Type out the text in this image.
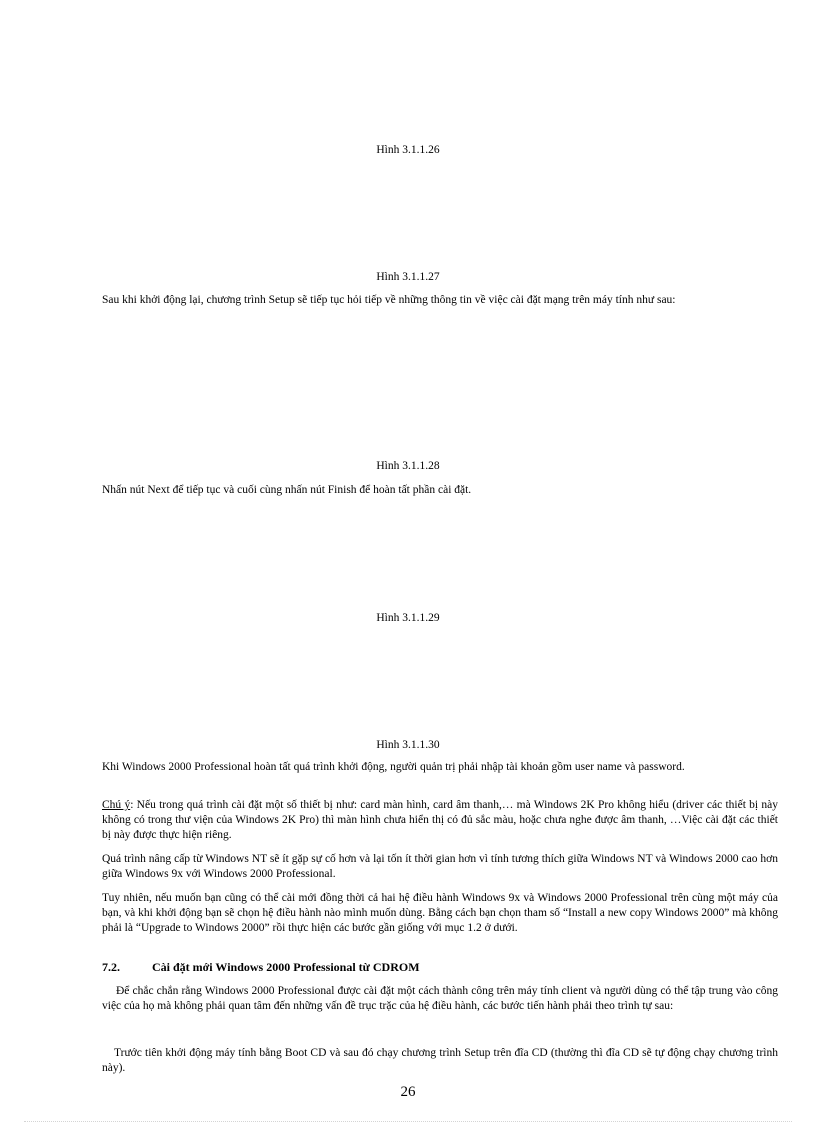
Hình 3.1.1.26
Hình 3.1.1.27

Sau khi khởi động lại, chương trình Setup sẽ tiếp tục hỏi tiếp về những thông tin về việc cài đặt mạng trên máy tính như sau:

Hình 3.1.1.28

Nhấn nút Next để tiếp tục và cuối cùng nhấn nút Finish để hoàn tất phần cài đặt.

Hình 3.1.1.29
Hình 3.1.1.30

Khi Windows 2000 Professional hoàn tất quá trình khởi động, người quản trị phải nhập tài khoản gồm user name và password.

Chú ý: Nếu trong quá trình cài đặt một số thiết bị như: card màn hình, card âm thanh,… mà Windows 2K Pro không hiểu (driver các thiết bị này không có trong thư viện của Windows 2K Pro) thì màn hình chưa hiển thị có đủ sắc màu, hoặc chưa nghe được âm thanh, …Việc cài đặt các thiết bị này được thực hiện riêng.

Quá trình nâng cấp từ Windows NT sẽ ít gặp sự cố hơn và lại tốn ít thời gian hơn vì tính tương thích giữa Windows NT và Windows 2000 cao hơn giữa Windows 9x với Windows 2000 Professional.

Tuy nhiên, nếu muốn bạn cũng có thể cài mới đồng thời cả hai hệ điều hành Windows 9x và Windows 2000 Professional trên cùng một máy của bạn, và khi khởi động bạn sẽ chọn hệ điều hành nào mình muốn dùng. Bằng cách bạn chọn tham số “Install a new copy Windows 2000” mà không phải là “Upgrade to Windows 2000” rồi thực hiện các bước gần giống với mục 1.2 ở dưới.

7.2.	Cài đặt mới Windows 2000 Professional từ CDROM

Để chắc chắn rằng Windows 2000 Professional được cài đặt một cách thành công trên máy tính client và người dùng có thể tập trung vào công việc của họ mà không phải quan tâm đến những vấn đề trục trặc của hệ điều hành, các bước tiến hành phải theo trình tự sau:

Trước tiên khởi động máy tính bằng Boot CD và sau đó chạy chương trình Setup trên đĩa CD (thường thì đĩa CD sẽ tự động chạy chương trình này).

26
